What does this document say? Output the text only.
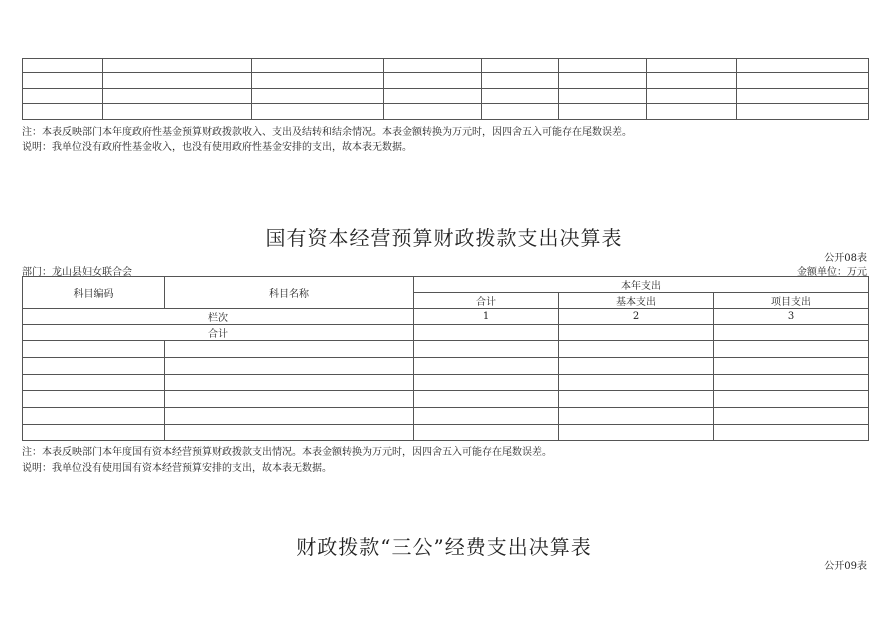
注：本表反映部门本年度政府性基金预算财政拨款收入、支出及结转和结余情况。本表金额转换为万元时，因四舍五入可能存在尾数误差。
说明：我单位没有政府性基金收入，也没有使用政府性基金安排的支出，故本表无数据。
国有资本经营预算财政拨款支出决算表
公开08表
部门：龙山县妇女联合会	金额单位：万元
科目编码	科目名称	本年支出		
		合计	基本支出	项目支出
栏次		1	2	3
合计				

注：本表反映部门本年度国有资本经营预算财政拨款支出情况。本表金额转换为万元时，因四舍五入可能存在尾数误差。
说明：我单位没有使用国有资本经营预算安排的支出，故本表无数据。
财政拨款“三公”经费支出决算表
公开09表
